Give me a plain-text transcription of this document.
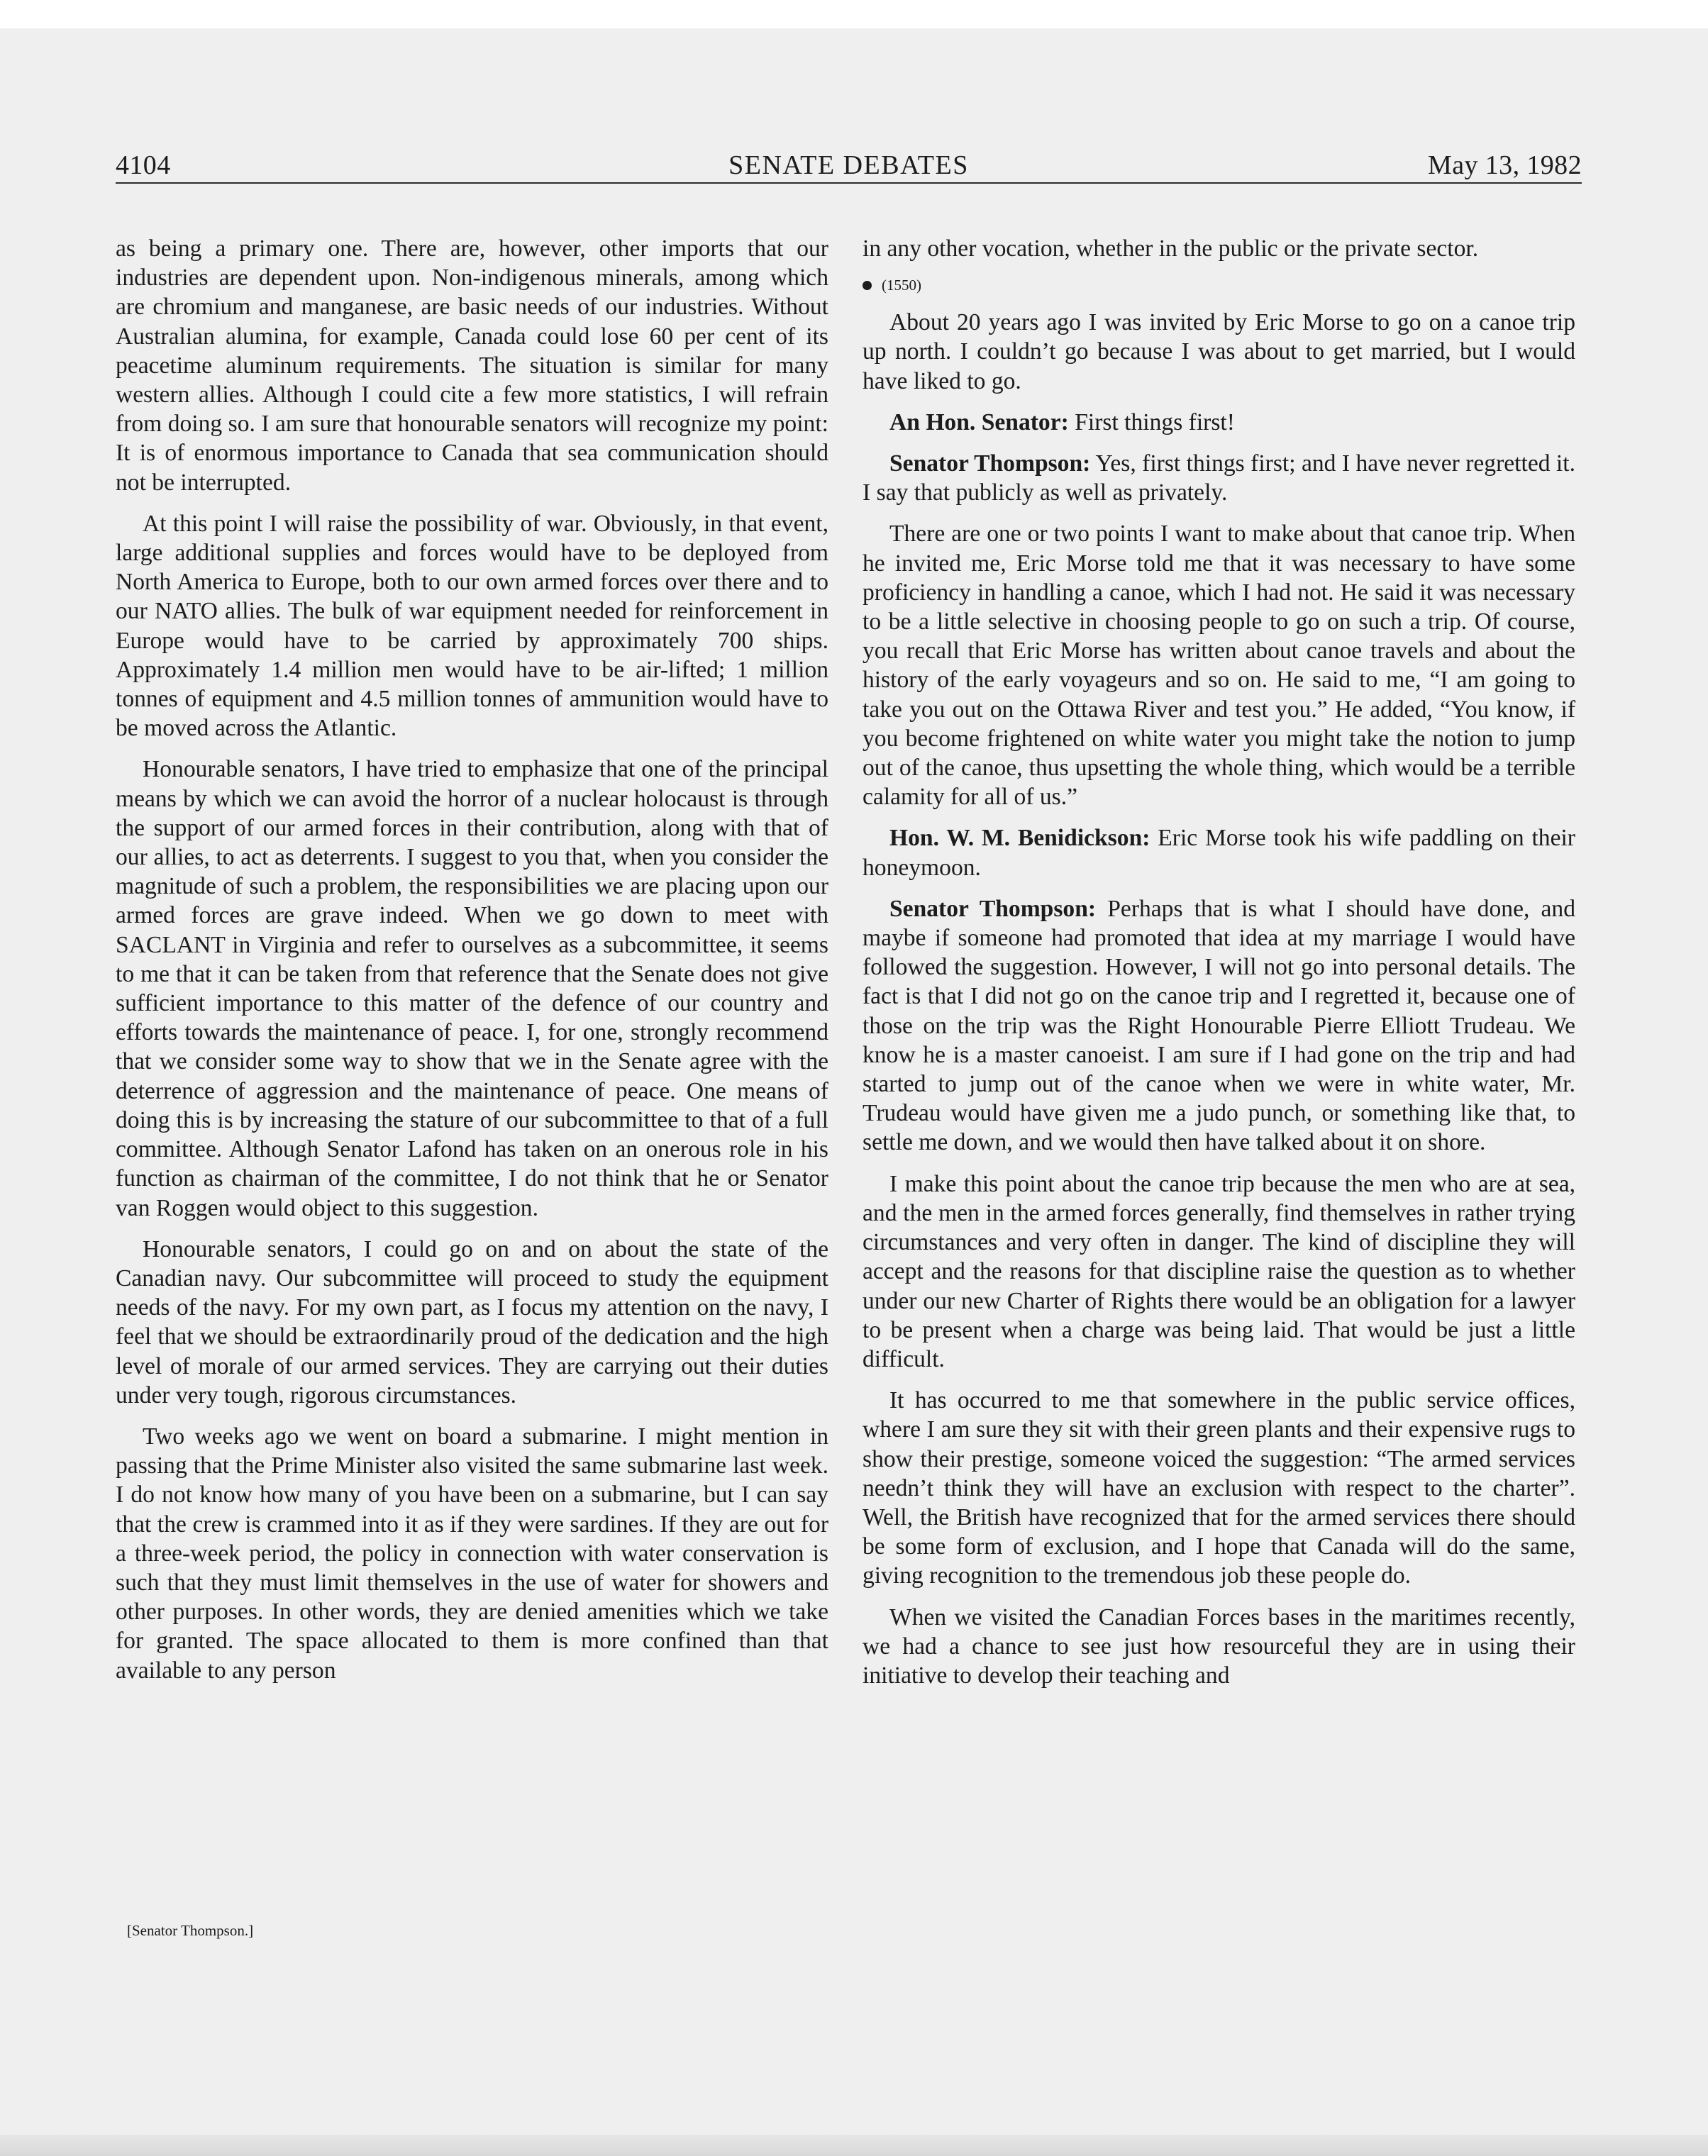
4104	SENATE DEBATES	May 13, 1982

as being a primary one. There are, however, other imports that our industries are dependent upon. Non-indigenous minerals, among which are chromium and manganese, are basic needs of our industries. Without Australian alumina, for example, Canada could lose 60 per cent of its peacetime aluminum requirements. The situation is similar for many western allies. Although I could cite a few more statistics, I will refrain from doing so. I am sure that honourable senators will recognize my point: It is of enormous importance to Canada that sea communication should not be interrupted.

At this point I will raise the possibility of war. Obviously, in that event, large additional supplies and forces would have to be deployed from North America to Europe, both to our own armed forces over there and to our NATO allies. The bulk of war equipment needed for reinforcement in Europe would have to be carried by approximately 700 ships. Approximately 1.4 million men would have to be air-lifted; 1 million tonnes of equipment and 4.5 million tonnes of ammunition would have to be moved across the Atlantic.

Honourable senators, I have tried to emphasize that one of the principal means by which we can avoid the horror of a nuclear holocaust is through the support of our armed forces in their contribution, along with that of our allies, to act as deterrents. I suggest to you that, when you consider the magnitude of such a problem, the responsibilities we are placing upon our armed forces are grave indeed. When we go down to meet with SACLANT in Virginia and refer to ourselves as a subcommittee, it seems to me that it can be taken from that reference that the Senate does not give sufficient importance to this matter of the defence of our country and efforts towards the maintenance of peace. I, for one, strongly recommend that we consider some way to show that we in the Senate agree with the deterrence of aggression and the maintenance of peace. One means of doing this is by increasing the stature of our subcommittee to that of a full committee. Although Senator Lafond has taken on an onerous role in his function as chairman of the committee, I do not think that he or Senator van Roggen would object to this suggestion.

Honourable senators, I could go on and on about the state of the Canadian navy. Our subcommittee will proceed to study the equipment needs of the navy. For my own part, as I focus my attention on the navy, I feel that we should be extraordinarily proud of the dedication and the high level of morale of our armed services. They are carrying out their duties under very tough, rigorous circumstances.

Two weeks ago we went on board a submarine. I might mention in passing that the Prime Minister also visited the same submarine last week. I do not know how many of you have been on a submarine, but I can say that the crew is crammed into it as if they were sardines. If they are out for a three-week period, the policy in connection with water conservation is such that they must limit themselves in the use of water for showers and other purposes. In other words, they are denied amenities which we take for granted. The space allocated to them is more confined than that available to any person

[Senator Thompson.]

in any other vocation, whether in the public or the private sector.

(1550)

About 20 years ago I was invited by Eric Morse to go on a canoe trip up north. I couldn’t go because I was about to get married, but I would have liked to go.

An Hon. Senator: First things first!

Senator Thompson: Yes, first things first; and I have never regretted it. I say that publicly as well as privately.

There are one or two points I want to make about that canoe trip. When he invited me, Eric Morse told me that it was necessary to have some proficiency in handling a canoe, which I had not. He said it was necessary to be a little selective in choosing people to go on such a trip. Of course, you recall that Eric Morse has written about canoe travels and about the history of the early voyageurs and so on. He said to me, “I am going to take you out on the Ottawa River and test you.” He added, “You know, if you become frightened on white water you might take the notion to jump out of the canoe, thus upsetting the whole thing, which would be a terrible calamity for all of us.”

Hon. W. M. Benidickson: Eric Morse took his wife paddling on their honeymoon.

Senator Thompson: Perhaps that is what I should have done, and maybe if someone had promoted that idea at my marriage I would have followed the suggestion. However, I will not go into personal details. The fact is that I did not go on the canoe trip and I regretted it, because one of those on the trip was the Right Honourable Pierre Elliott Trudeau. We know he is a master canoeist. I am sure if I had gone on the trip and had started to jump out of the canoe when we were in white water, Mr. Trudeau would have given me a judo punch, or something like that, to settle me down, and we would then have talked about it on shore.

I make this point about the canoe trip because the men who are at sea, and the men in the armed forces generally, find themselves in rather trying circumstances and very often in danger. The kind of discipline they will accept and the reasons for that discipline raise the question as to whether under our new Charter of Rights there would be an obligation for a lawyer to be present when a charge was being laid. That would be just a little difficult.

It has occurred to me that somewhere in the public service offices, where I am sure they sit with their green plants and their expensive rugs to show their prestige, someone voiced the suggestion: “The armed services needn’t think they will have an exclusion with respect to the charter”. Well, the British have recognized that for the armed services there should be some form of exclusion, and I hope that Canada will do the same, giving recognition to the tremendous job these people do.

When we visited the Canadian Forces bases in the maritimes recently, we had a chance to see just how resourceful they are in using their initiative to develop their teaching and
